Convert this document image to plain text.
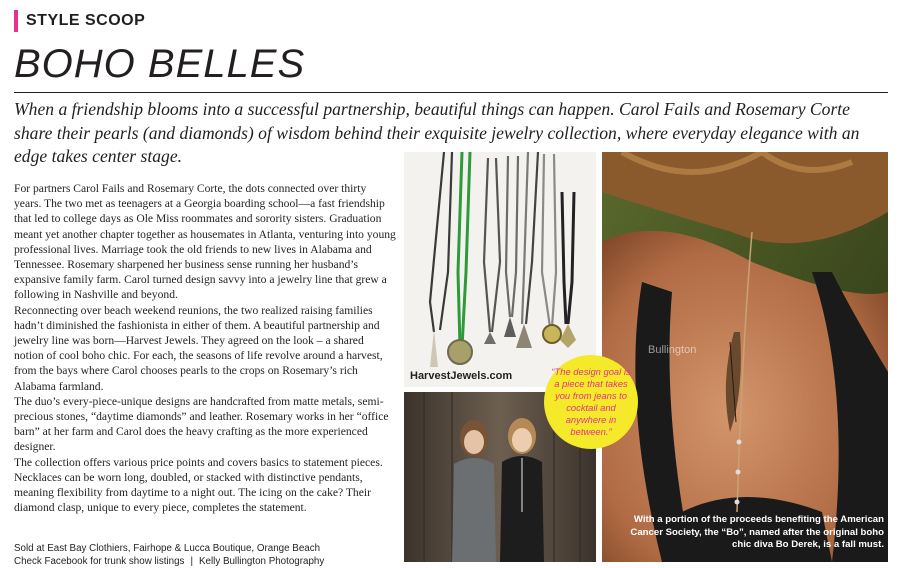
STYLE SCOOP
BOHO BELLES
When a friendship blooms into a successful partnership, beautiful things can happen. Carol Fails and Rosemary Corte share their pearls (and diamonds) of wisdom behind their exquisite jewelry collection, where everyday elegance with an edge takes center stage.

For partners Carol Fails and Rosemary Corte, the dots connected over thirty years. The two met as teenagers at a Georgia boarding school—a fast friendship that led to college days as Ole Miss roommates and sorority sisters. Graduation meant yet another chapter together as housemates in Atlanta, venturing into young professional lives. Marriage took the old friends to new lives in Alabama and Tennessee. Rosemary sharpened her business sense running her husband’s expansive family farm. Carol turned design savvy into a jewelry line that grew a following in Nashville and beyond.

Reconnecting over beach weekend reunions, the two realized raising families hadn’t diminished the fashionista in either of them. A beautiful partnership and jewelry line was born—Harvest Jewels. They agreed on the look – a shared notion of cool boho chic. For each, the seasons of life revolve around a harvest, from the bays where Carol chooses pearls to the crops on Rosemary’s rich Alabama farmland.

The duo’s every-piece-unique designs are handcrafted from matte metals, semi-precious stones, “daytime diamonds” and leather. Rosemary works in her “office barn” at her farm and Carol does the heavy crafting as the more experienced designer.

The collection offers various price points and covers basics to statement pieces. Necklaces can be worn long, doubled, or stacked with distinctive pendants, meaning flexibility from daytime to a night out. The icing on the cake? Their diamond clasp, unique to every piece, completes the statement.

Sold at East Bay Clothiers, Fairhope & Lucca Boutique, Orange Beach
Check Facebook for trunk show listings | Kelly Bullington Photography
HarvestJewels.com
Bullington
“The design goal is a piece that takes you from jeans to cocktail and anywhere in between.”
With a portion of the proceeds benefiting the American Cancer Society, the “Bo”, named after the original boho chic diva Bo Derek, is a fall must.
